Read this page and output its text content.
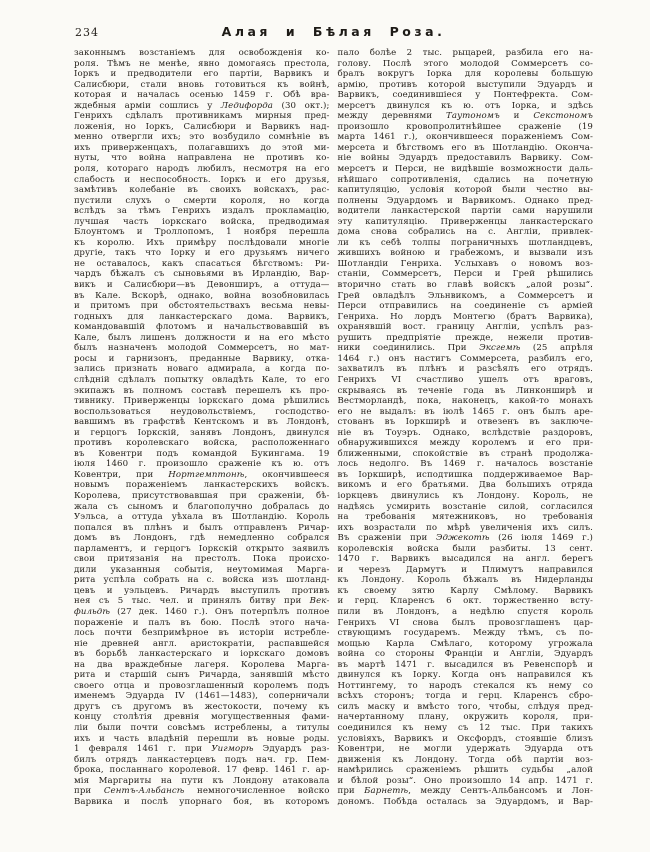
234	Алая и Бѣлая Роза.
законнымъ возстаніемъ для освобожденія ко-
роля. Тѣмъ не менѣе, явно домогаясь престола,
Іоркъ и предводители его партіи, Варвикъ и
Салисбюри, стали вновь готовиться къ войнѣ,
которая и началась осенью 1459 г. Обѣ вра-
ждебныя арміи сошлись у Ледифорда (30 окт.);
Генрихъ сдѣлалъ противникамъ мирныя пред-
ложенія, но Іоркъ, Салисбюри и Варвикъ над-
менно отвергли ихъ; это возбудило сомнѣніе въ
ихъ приверженцахъ, полагавшихъ до этой ми-
нуты, что война направлена не противъ ко-
роля, котораго народъ любилъ, несмотря на его
слабость и неспособность. Іоркъ и его друзья,
замѣтивъ колебаніе въ своихъ войскахъ, рас-
пустили слухъ о смерти короля, но когда
вслѣдъ за тѣмъ Генрихъ издалъ прокламацію,
лучшая часть іоркскаго войска, предводимая
Блоунтомъ и Троллопомъ, 1 ноября перешла
къ королю. Ихъ примѣру послѣдовали многіе
другіе, такъ что Іорку и его друзьямъ ничего
не оставалось, какъ спасаться бѣгствомъ: Ри-
чардъ бѣжалъ съ сыновьями въ Ирландію, Вар-
викъ и Салисбюри—въ Девонширъ, а оттуда—
въ Кале. Вскорѣ, однако, война возобновилась
и притомъ при обстоятельствахъ весьма невы-
годныхъ для ланкастерскаго дома. Варвикъ,
командовавшій флотомъ и начальствовавшій въ
Кале, былъ лишенъ должности и на его мѣсто
былъ назначенъ молодой Соммерсетъ, но мат-
росы и гарнизонъ, преданные Варвику, отка-
зались признать новаго адмирала, а когда по-
слѣдній сдѣлалъ попытку овладѣть Кале, то его
экипажъ въ полномъ составѣ перешелъ къ про-
тивнику. Приверженцы іоркскаго дома рѣшились
воспользоваться неудовольствіемъ, господство-
вавшимъ въ графствѣ Кентскомъ и въ Лондонѣ,
и герцогъ Іоркскій, занявъ Лондонъ, двинулся
противъ королевскаго войска, расположеннаго
въ Ковентри подъ командой Букингама. 19
іюля 1460 г. произошло сраженіе къ ю. отъ
Ковентри, при Нортгемптонѣ, окончившееся
новымъ пораженіемъ ланкастерскихъ войскъ.
Королева, присутствовавшая при сраженіи, бѣ-
жала съ сыномъ и благополучно добралась до
Уэльса, а оттуда уѣхала въ Шотландію. Король
попался въ плѣнъ и былъ отправленъ Ричар-
домъ въ Лондонъ, гдѣ немедленно собрался
парламентъ, и герцогъ Іоркскій открыто заявилъ
свои притязанія на престолъ. Пока происхо-
дили указанныя событія, неутомимая Марга-
рита успѣла собрать на с. войска изъ шотланд-
цевъ и уэльцевъ. Ричардъ выступилъ противъ
нея съ 5 тыс. чел. и принялъ битву при Век-
фильдѣ (27 дек. 1460 г.). Онъ потерпѣлъ полное
пораженіе и палъ въ бою. Послѣ этого нача-
лось почти безпримѣрное въ исторіи истребле-
ніе древней англ. аристократіи, распавшейся
въ борьбѣ ланкастерскаго и іоркскаго домовъ
на два враждебные лагеря. Королева Марга-
рита и старшій сынъ Ричарда, занявшій мѣсто
своего отца и провозглашенный королемъ подъ
именемъ Эдуарда IV (1461—1483), соперничали
другъ съ другомъ въ жестокости, почему къ
концу столѣтія древнія могущественныя фами-
ліи были почти совсѣмъ истреблены, а титулы
ихъ и часть владѣній перешли въ новые роды.
1 февраля 1461 г. при Уигморѣ Эдуардъ раз-
билъ отрядъ ланкастерцевъ подъ нач. гр. Пем-
брока, посланнаго королевой. 17 февр. 1461 г. ар-
мія Маргариты на пути къ Лондону атаковала
при Сентъ-Альбансѣ немногочисленное войско
Варвика и послѣ упорнаго боя, въ которомъ
пало болѣе 2 тыс. рыцарей, разбила его на-
голову. Послѣ этого молодой Соммерсетъ со-
бралъ вокругъ Іорка для королевы большую
армію, противъ которой выступили Эдуардъ и
Варвикъ, соединившіеся у Понтефректа. Сом-
мерсетъ двинулся къ ю. отъ Іорка, и здѣсь
между деревнями Таутономъ и Секстономъ
произошло кровопролитнѣйшее сраженіе (19
марта 1461 г.), окончившееся пораженіемъ Сом-
мерсета и бѣгствомъ его въ Шотландію. Оконча-
ніе войны Эдуардъ предоставилъ Варвику. Сом-
мерсетъ и Перси, не видѣвшіе возможности даль-
нѣйшаго сопротивленія, сдались на почетную
капитуляцію, условія которой были честно вы-
полнены Эдуардомъ и Варвикомъ. Однако пред-
водители ланкастерской партіи сами нарушили
эту капитуляцію. Приверженцы ланкастерскаго
дома снова собрались на с. Англіи, привлек-
ли къ себѣ толпы пограничныхъ шотландцевъ,
жившихъ войною и грабежомъ, и вызвали изъ
Шотландіи Генриха. Услыхавъ о новомъ воз-
станіи, Соммерсетъ, Перси и Грей рѣшились
вторично стать во главѣ войскъ „алой розы“.
Грей овладѣлъ Эльнвикомъ, а Соммерсетъ и
Перси отправились на соединеніе съ арміей
Генриха. Но лордъ Монтегю (братъ Варвика),
охранявшій вост. границу Англіи, успѣлъ раз-
рушить предпріятіе прежде, нежели против-
ники соединились. При Эксгемѣ (25 апрѣля
1464 г.) онъ настигъ Соммерсета, разбилъ его,
захватилъ въ плѣнъ и разсѣялъ его отрядъ.
Генрихъ VI счастливо ушелъ отъ враговъ,
скрываясь въ теченіе года въ Линконширѣ и
Вестморландѣ, пока, наконецъ, какой-то монахъ
его не выдалъ: въ іюлѣ 1465 г. онъ былъ аре-
стованъ въ Іоркширѣ и отвезенъ въ заключе-
ніе въ Тоуэръ. Однако, вслѣдствіе раздоровъ,
обнаружившихся между королемъ и его при-
ближенными, спокойствіе въ странѣ продолжа-
лось недолго. Въ 1469 г. началось возстаніе
въ Іоркширѣ, исподтишка поддерживаемое Вар-
викомъ и его братьями. Два большихъ отряда
іоркцевъ двинулись къ Лондону. Король, не
надѣясь усмирить возстаніе силой, согласился
на требованія мятежниковъ, но требованія
ихъ возрастали по мѣрѣ увеличенія ихъ силъ.
Въ сраженіи при Эджекотѣ (26 іюля 1469 г.)
королевскія войска были разбиты. 13 сент.
1470 г. Варвикъ высадился на англ. берегъ
и черезъ Дармутъ и Плимутъ направился
къ Лондону. Король бѣжалъ въ Нидерланды
къ своему зятю Карлу Смѣлому. Варвикъ
и герц. Кларенсъ 6 окт. торжественно всту-
пили въ Лондонъ, а недѣлю спустя король
Генрихъ VI снова былъ провозглашенъ цар-
ствующимъ государемъ. Между тѣмъ, съ по-
мощью Карла Смѣлаго, которому угрожала
война со стороны Франціи и Англіи, Эдуардъ
въ мартѣ 1471 г. высадился въ Ревенспорѣ и
двинулся къ Іорку. Когда онъ направился къ
Ноттингему, то народъ стекался къ нему со
всѣхъ сторонъ; тогда и герц. Кларенсъ сбро-
силъ маску и вмѣсто того, чтобы, слѣдуя пред-
начертанному плану, окружить короля, при-
соединился къ нему съ 12 тыс. При такихъ
условіяхъ, Варвикъ и Оксфордъ, стоявшіе близъ
Ковентри, не могли удержать Эдуарда отъ
движенія къ Лондону. Тогда обѣ партіи воз-
намѣрились сраженіемъ рѣшить судьбы „алой
и бѣлой розы“. Оно произошло 14 апр. 1471 г.
при Барнетѣ, между Сентъ-Альбансомъ и Лон-
дономъ. Побѣда осталась за Эдуардомъ, и Вар-
